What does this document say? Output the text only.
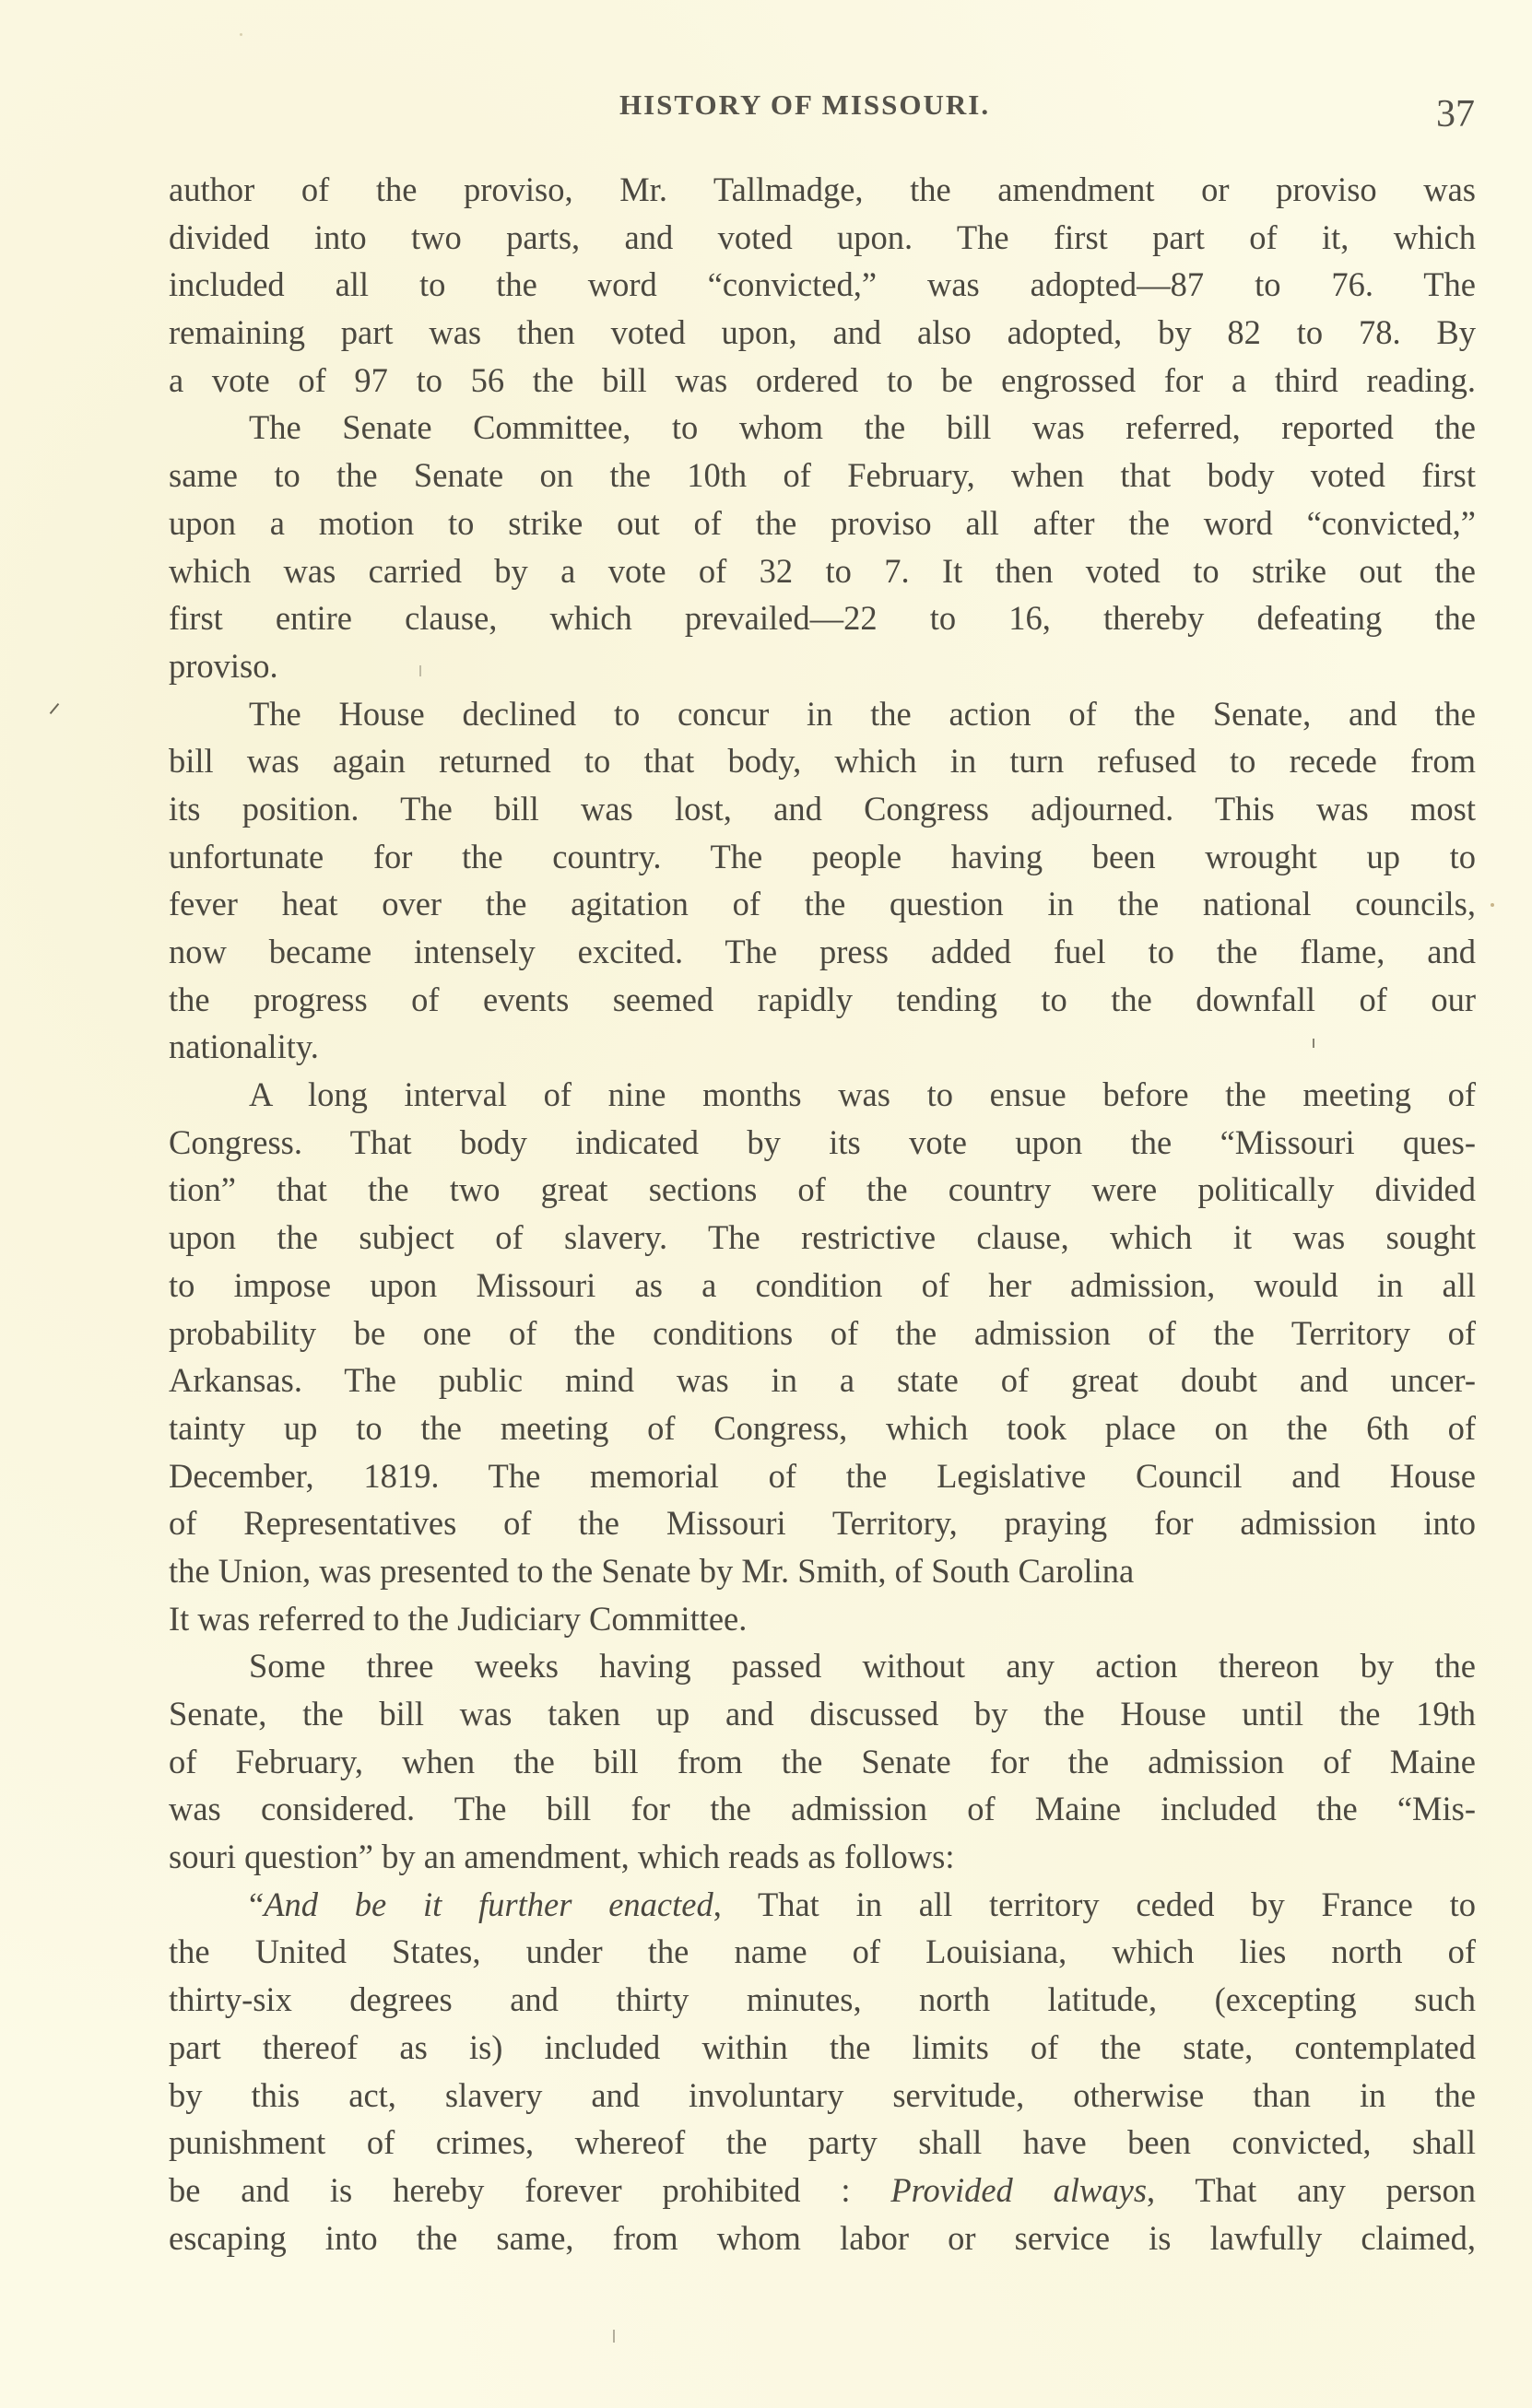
HISTORY OF MISSOURI.	37
author of the proviso, Mr. Tallmadge, the amendment or proviso was
divided into two parts, and voted upon. The first part of it, which
included all to the word “convicted,” was adopted—87 to 76. The
remaining part was then voted upon, and also adopted, by 82 to 78. By
a vote of 97 to 56 the bill was ordered to be engrossed for a third reading.
The Senate Committee, to whom the bill was referred, reported the
same to the Senate on the 10th of February, when that body voted first
upon a motion to strike out of the proviso all after the word “convicted,”
which was carried by a vote of 32 to 7. It then voted to strike out the
first entire clause, which prevailed—22 to 16, thereby defeating the
proviso.
The House declined to concur in the action of the Senate, and the
bill was again returned to that body, which in turn refused to recede from
its position. The bill was lost, and Congress adjourned. This was most
unfortunate for the country. The people having been wrought up to
fever heat over the agitation of the question in the national councils,
now became intensely excited. The press added fuel to the flame, and
the progress of events seemed rapidly tending to the downfall of our
nationality.
A long interval of nine months was to ensue before the meeting of
Congress. That body indicated by its vote upon the “Missouri ques-
tion” that the two great sections of the country were politically divided
upon the subject of slavery. The restrictive clause, which it was sought
to impose upon Missouri as a condition of her admission, would in all
probability be one of the conditions of the admission of the Territory of
Arkansas. The public mind was in a state of great doubt and uncer-
tainty up to the meeting of Congress, which took place on the 6th of
December, 1819. The memorial of the Legislative Council and House
of Representatives of the Missouri Territory, praying for admission into
the Union, was presented to the Senate by Mr. Smith, of South Carolina
It was referred to the Judiciary Committee.
Some three weeks having passed without any action thereon by the
Senate, the bill was taken up and discussed by the House until the 19th
of February, when the bill from the Senate for the admission of Maine
was considered. The bill for the admission of Maine included the “Mis-
souri question” by an amendment, which reads as follows:
“And be it further enacted, That in all territory ceded by France to
the United States, under the name of Louisiana, which lies north of
thirty-six degrees and thirty minutes, north latitude, (excepting such
part thereof as is) included within the limits of the state, contemplated
by this act, slavery and involuntary servitude, otherwise than in the
punishment of crimes, whereof the party shall have been convicted, shall
be and is hereby forever prohibited : Provided always, That any person
escaping into the same, from whom labor or service is lawfully claimed,
